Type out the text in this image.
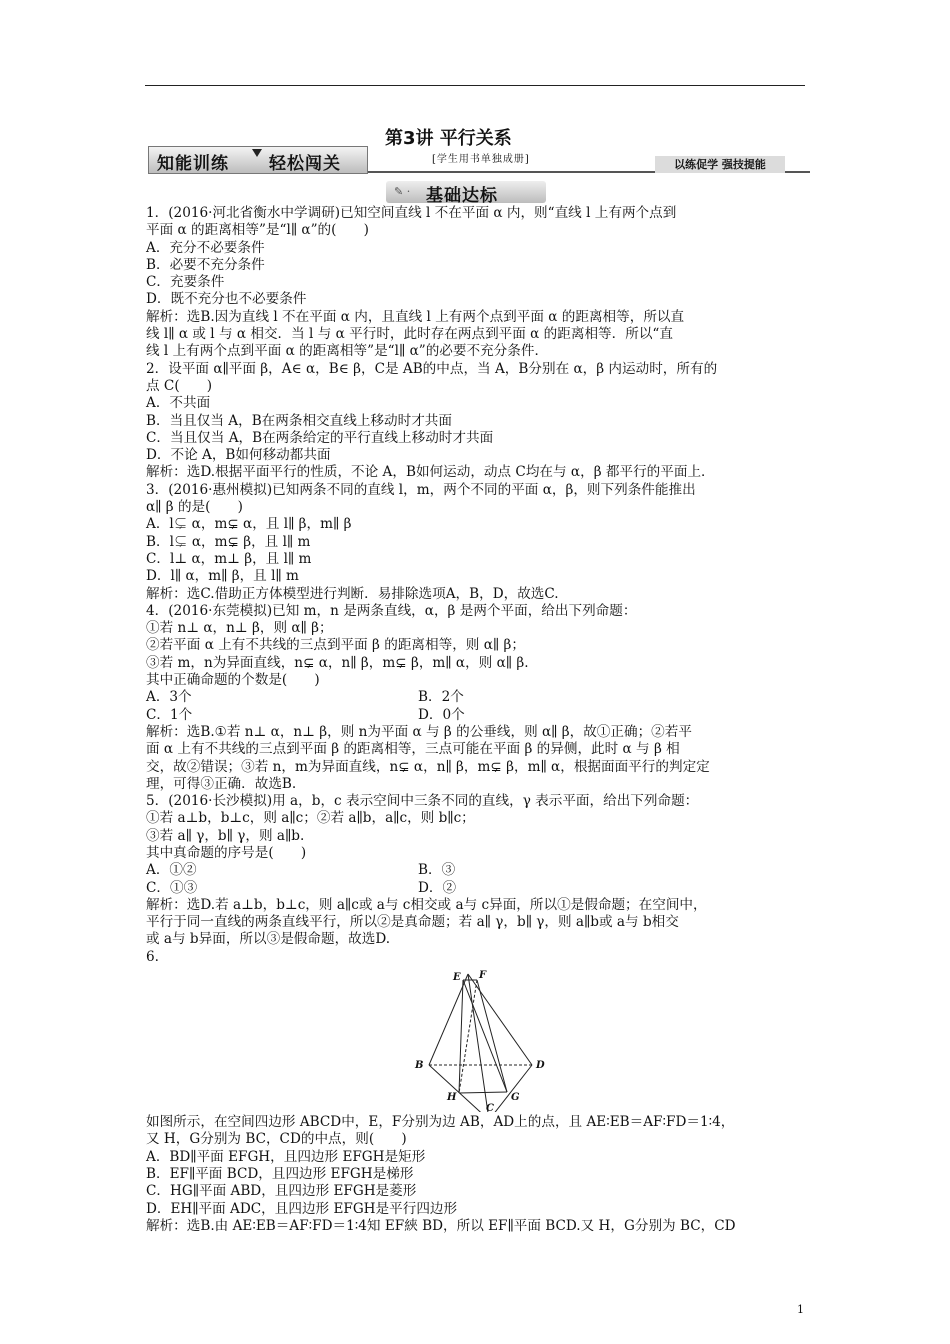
知能训练 轻松闯关
第3讲 平行关系
[学生用书单独成册]	以练促学 强技提能
✎ · 基础达标
1．(2016·河北省衡水中学调研)已知空间直线 l 不在平面 α 内，则“直线 l 上有两个点到
平面 α 的距离相等”是“l∥ α”的(　　)
A．充分不必要条件
B．必要不充分条件
C．充要条件
D．既不充分也不必要条件
解析：选B.因为直线 l 不在平面 α 内，且直线 l 上有两个点到平面 α 的距离相等，所以直
线 l∥ α 或 l 与 α 相交．当 l 与 α 平行时，此时存在两点到平面 α 的距离相等．所以“直
线 l 上有两个点到平面 α 的距离相等”是“l∥ α”的必要不充分条件．
2．设平面 α∥平面 β，A∈ α，B∈ β，C是 AB的中点，当 A，B分别在 α，β 内运动时，所有的
点 C(　　)
A．不共面
B．当且仅当 A，B在两条相交直线上移动时才共面
C．当且仅当 A，B在两条给定的平行直线上移动时才共面
D．不论 A，B如何移动都共面
解析：选D.根据平面平行的性质，不论 A，B如何运动，动点 C均在与 α，β 都平行的平面上．
3．(2016·惠州模拟)已知两条不同的直线 l，m，两个不同的平面 α，β，则下列条件能推出
α∥ β 的是(　　)
A．l⊊ α，m⊊ α，且 l∥ β，m∥ β
B．l⊊ α，m⊊ β，且 l∥ m
C．l⊥ α，m⊥ β，且 l∥ m
D．l∥ α，m∥ β，且 l∥ m
解析：选C.借助正方体模型进行判断．易排除选项A，B，D，故选C.
4．(2016·东莞模拟)已知 m，n 是两条直线，α，β 是两个平面，给出下列命题：
①若 n⊥ α，n⊥ β，则 α∥ β；
②若平面 α 上有不共线的三点到平面 β 的距离相等，则 α∥ β；
③若 m，n为异面直线，n⊊ α，n∥ β，m⊊ β，m∥ α，则 α∥ β.
其中正确命题的个数是(　　)
A．3个	B．2个
C．1个	D．0个
解析：选B.①若 n⊥ α，n⊥ β，则 n为平面 α 与 β 的公垂线，则 α∥ β，故①正确；②若平
面 α 上有不共线的三点到平面 β 的距离相等，三点可能在平面 β 的异侧，此时 α 与 β 相
交，故②错误；③若 n，m为异面直线，n⊊ α，n∥ β，m⊊ β，m∥ α，根据面面平行的判定定
理，可得③正确．故选B.
5．(2016·长沙模拟)用 a，b，c 表示空间中三条不同的直线，γ 表示平面，给出下列命题：
①若 a⊥b，b⊥c，则 a∥c；②若 a∥b，a∥c，则 b∥c；
③若 a∥ γ，b∥ γ，则 a∥b.
其中真命题的序号是(　　)
A．①②	B．③
C．①③	D．②
解析：选D.若 a⊥b，b⊥c，则 a∥c或 a与 c相交或 a与 c异面，所以①是假命题；在空间中，
平行于同一直线的两条直线平行，所以②是真命题；若 a∥ γ，b∥ γ，则 a∥b或 a与 b相交
或 a与 b异面，所以③是假命题，故选D.
6.
E F
B	D
H	G
C
如图所示，在空间四边形 ABCD中，E，F分别为边 AB，AD上的点，且 AE∶EB＝AF∶FD＝1∶4，
又 H，G分别为 BC，CD的中点，则(　　)
A．BD∥平面 EFGH，且四边形 EFGH是矩形
B．EF∥平面 BCD，且四边形 EFGH是梯形
C．HG∥平面 ABD，且四边形 EFGH是菱形
D．EH∥平面 ADC，且四边形 EFGH是平行四边形
解析：选B.由 AE∶EB＝AF∶FD＝1∶4知 EF綊 BD，所以 EF∥平面 BCD.又 H，G分别为 BC，CD
1
